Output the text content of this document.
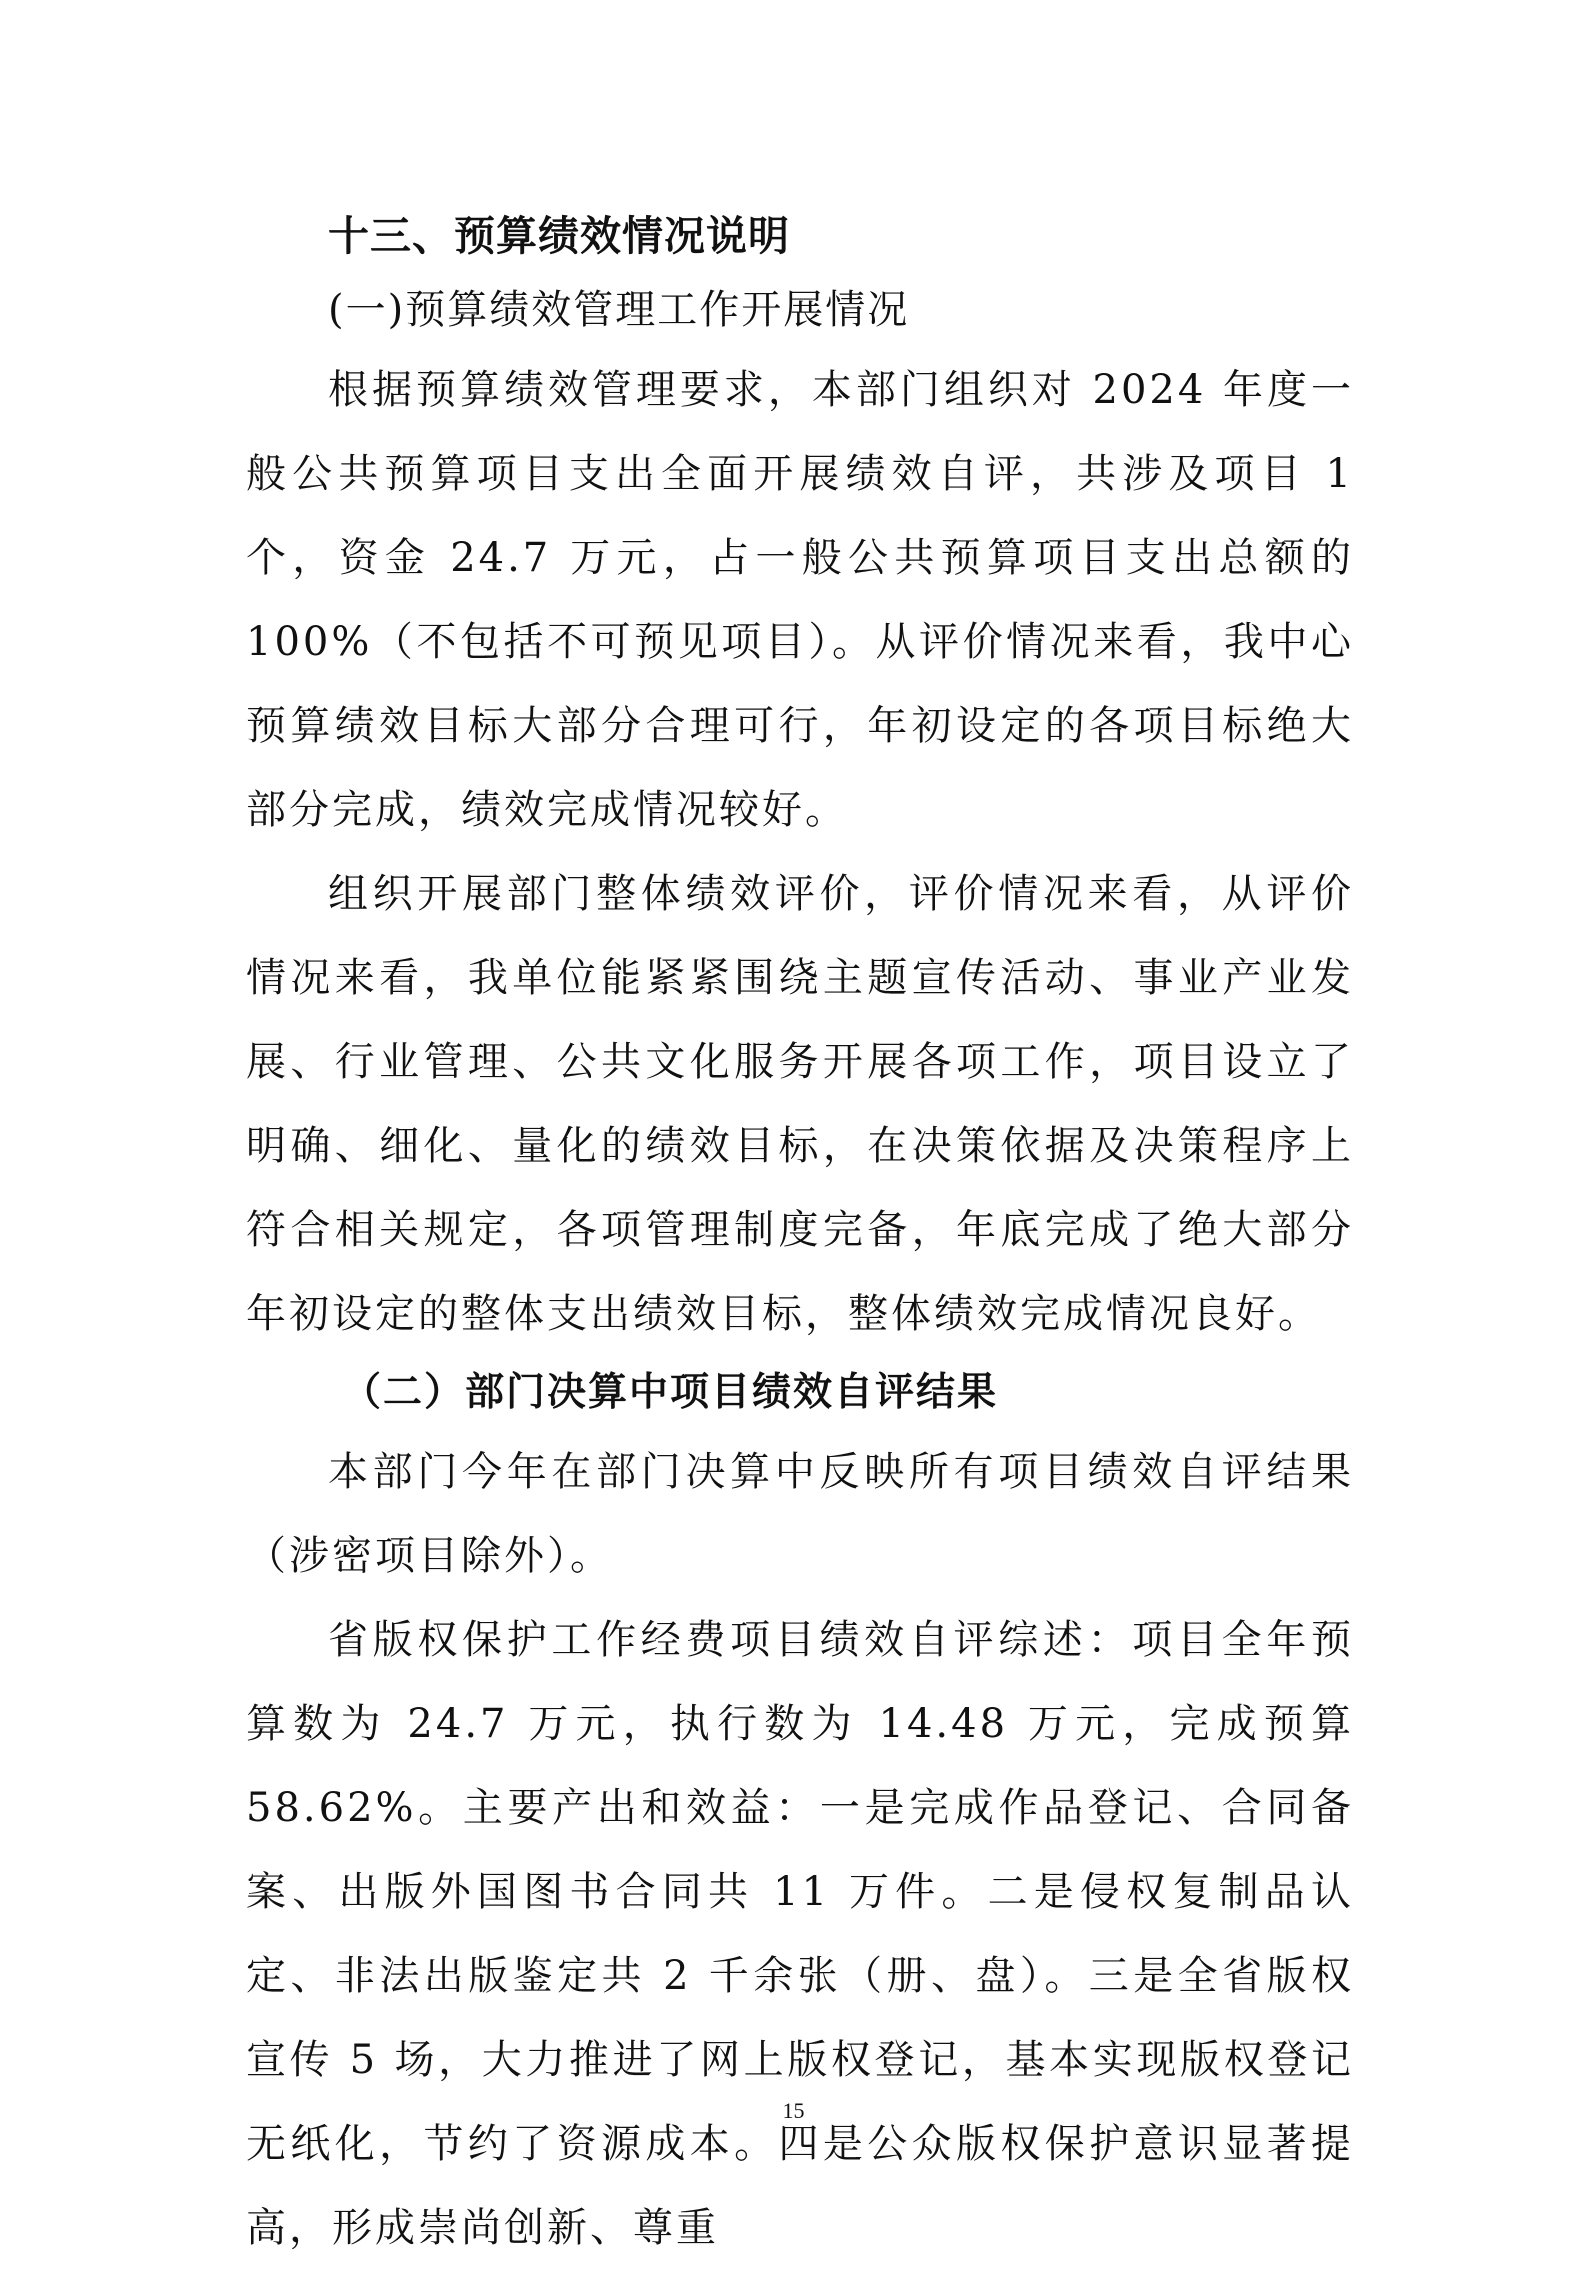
十三、预算绩效情况说明

(一)预算绩效管理工作开展情况

根据预算绩效管理要求，本部门组织对 2024 年度一般公共预算项目支出全面开展绩效自评，共涉及项目 1 个，资金 24.7 万元，占一般公共预算项目支出总额的 100%（不包括不可预见项目）。从评价情况来看，我中心预算绩效目标大部分合理可行，年初设定的各项目标绝大部分完成，绩效完成情况较好。

组织开展部门整体绩效评价，评价情况来看，从评价情况来看，我单位能紧紧围绕主题宣传活动、事业产业发展、行业管理、公共文化服务开展各项工作，项目设立了明确、细化、量化的绩效目标，在决策依据及决策程序上符合相关规定，各项管理制度完备，年底完成了绝大部分年初设定的整体支出绩效目标，整体绩效完成情况良好。

（二）部门决算中项目绩效自评结果

本部门今年在部门决算中反映所有项目绩效自评结果（涉密项目除外）。

省版权保护工作经费项目绩效自评综述：项目全年预算数为 24.7 万元，执行数为 14.48 万元，完成预算 58.62%。主要产出和效益：一是完成作品登记、合同备案、出版外国图书合同共 11 万件。二是侵权复制品认定、非法出版鉴定共 2 千余张（册、盘）。三是全省版权宣传 5 场，大力推进了网上版权登记，基本实现版权登记无纸化，节约了资源成本。四是公众版权保护意识显著提高，形成崇尚创新、尊重

15
